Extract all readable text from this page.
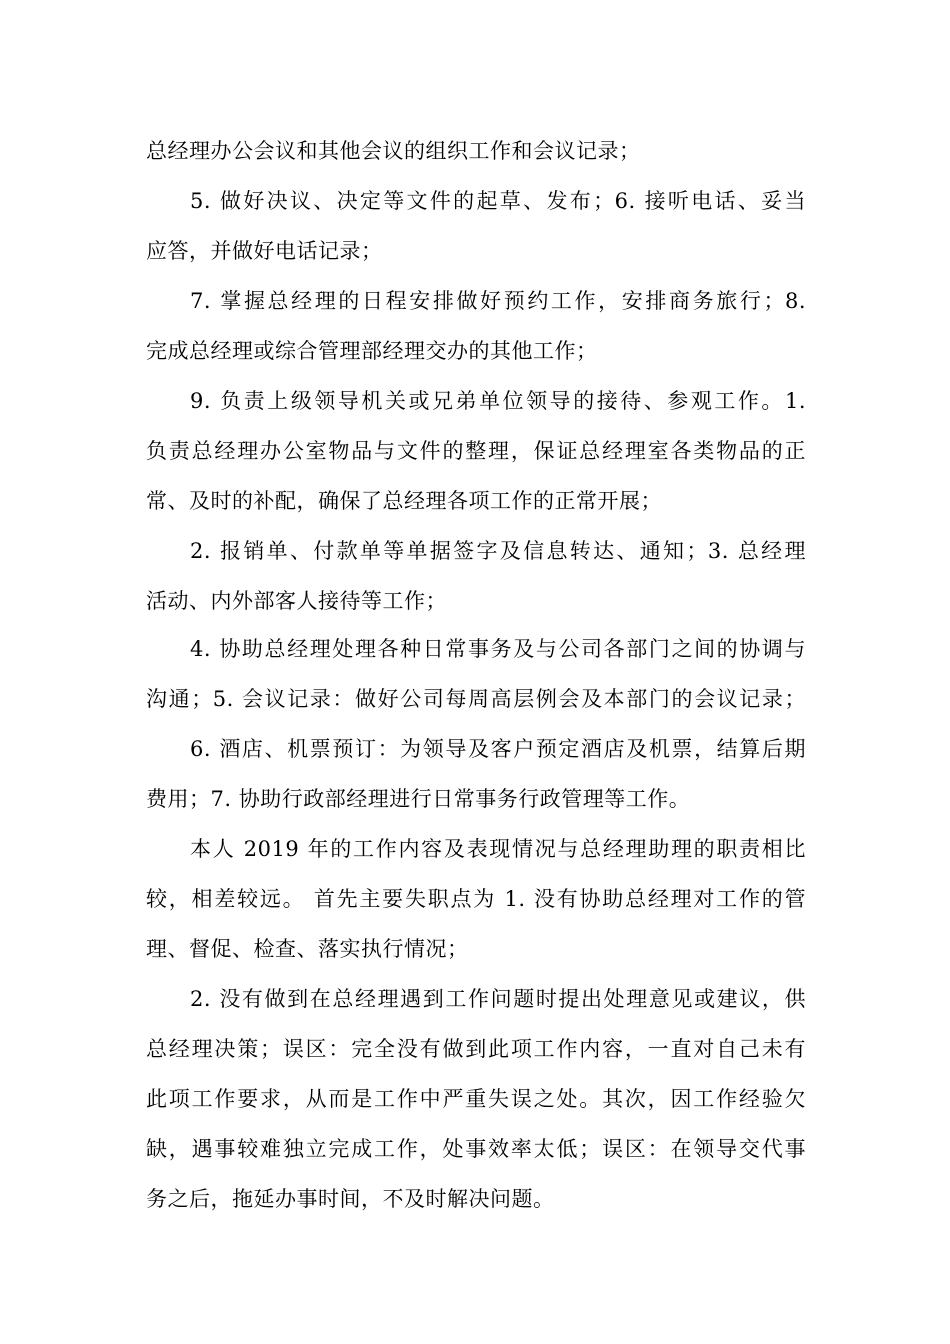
总经理办公会议和其他会议的组织工作和会议记录；
5. 做好决议、决定等文件的起草、发布；6. 接听电话、妥当
应答，并做好电话记录；
7. 掌握总经理的日程安排做好预约工作，安排商务旅行；8.
完成总经理或综合管理部经理交办的其他工作；
9. 负责上级领导机关或兄弟单位领导的接待、参观工作。1.
负责总经理办公室物品与文件的整理，保证总经理室各类物品的正
常、及时的补配，确保了总经理各项工作的正常开展；
2. 报销单、付款单等单据签字及信息转达、通知；3. 总经理
活动、内外部客人接待等工作；
4. 协助总经理处理各种日常事务及与公司各部门之间的协调与
沟通；5. 会议记录：做好公司每周高层例会及本部门的会议记录；
6. 酒店、机票预订：为领导及客户预定酒店及机票，结算后期
费用；7. 协助行政部经理进行日常事务行政管理等工作。
本人 2019 年的工作内容及表现情况与总经理助理的职责相比
较，相差较远。 首先主要失职点为 1. 没有协助总经理对工作的管
理、督促、检查、落实执行情况；
2. 没有做到在总经理遇到工作问题时提出处理意见或建议，供
总经理决策；误区：完全没有做到此项工作内容，一直对自己未有
此项工作要求，从而是工作中严重失误之处。其次，因工作经验欠
缺，遇事较难独立完成工作，处事效率太低；误区：在领导交代事
务之后，拖延办事时间，不及时解决问题。
